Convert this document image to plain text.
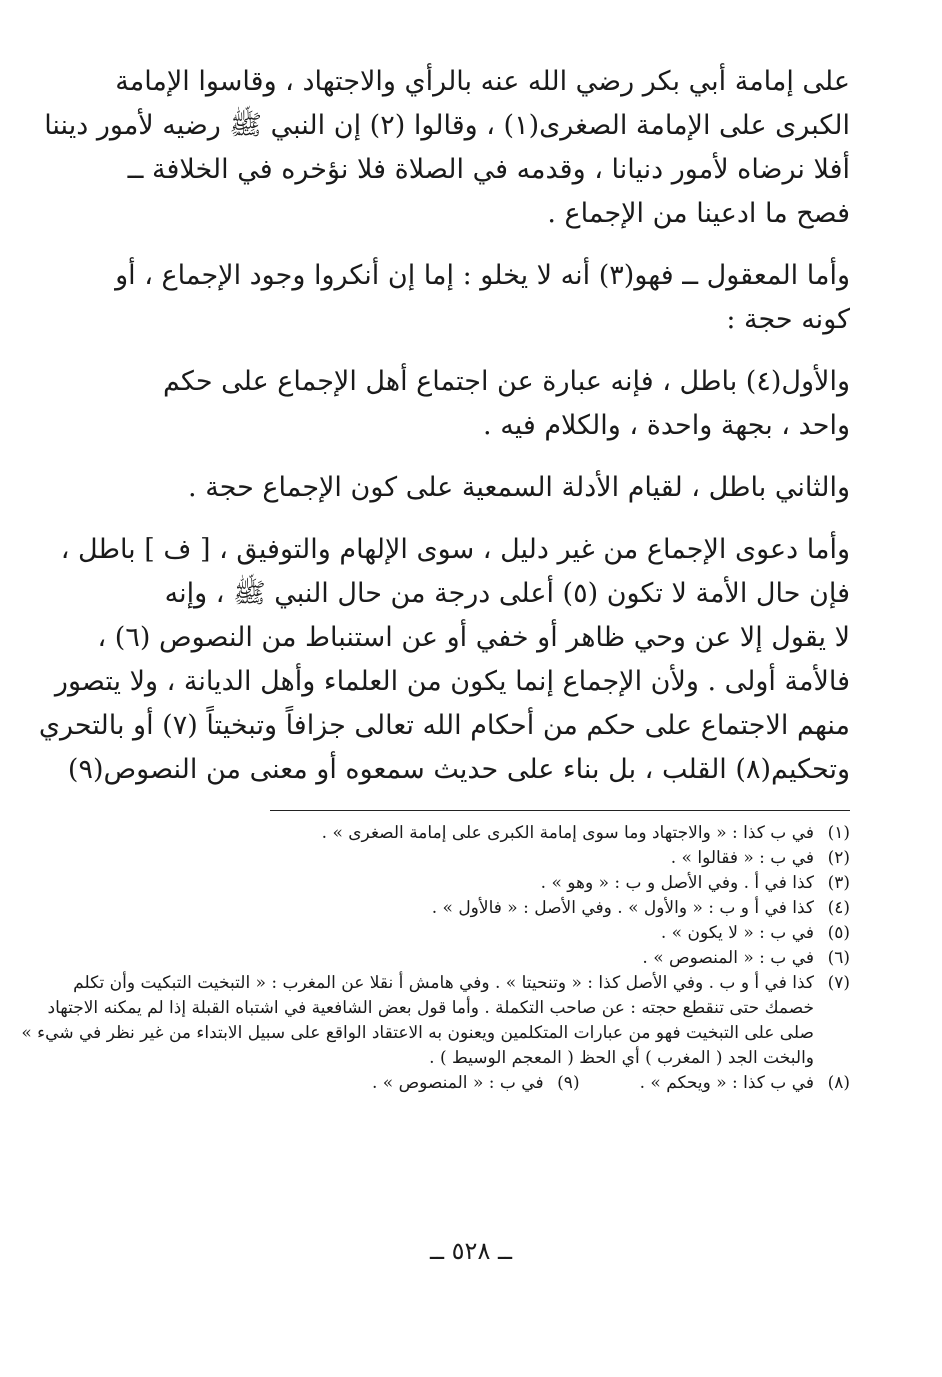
على إمامة أبي بكر رضي الله عنه بالرأي والاجتهاد ، وقاسوا الإمامة
الكبرى على الإمامة الصغرى(١) ، وقالوا (٢) إن النبي ﷺ رضيه لأمور ديننا
أفلا نرضاه لأمور دنيانا ، وقدمه في الصلاة فلا نؤخره في الخلافة ــ
فصح ما ادعينا من الإجماع .
وأما المعقول ــ فهو(٣) أنه لا يخلو : إما إن أنكروا وجود الإجماع ، أو
كونه حجة :
والأول(٤) باطل ، فإنه عبارة عن اجتماع أهل الإجماع على حكم
واحد ، بجهة واحدة ، والكلام فيه .
والثاني باطل ، لقيام الأدلة السمعية على كون الإجماع حجة .
وأما دعوى الإجماع من غير دليل ، سوى الإلهام والتوفيق ، [ ف ] باطل ،
فإن حال الأمة لا تكون (٥) أعلى درجة من حال النبي ﷺ ، وإنه
لا يقول إلا عن وحي ظاهر أو خفي أو عن استنباط من النصوص (٦) ،
فالأمة أولى . ولأن الإجماع إنما يكون من العلماء وأهل الديانة ، ولا يتصور
منهم الاجتماع على حكم من أحكام الله تعالى جزافاً وتبخيتاً (٧) أو بالتحري
وتحكيم(٨) القلب ، بل بناء على حديث سمعوه أو معنى من النصوص(٩)
(١)
في ب كذا : « والاجتهاد وما سوى إمامة الكبرى على إمامة الصغرى » .
(٢)
في ب : « فقالوا » .
(٣)
كذا في أ . وفي الأصل و ب : « وهو » .
(٤)
كذا في أ و ب : « والأول » . وفي الأصل : « فالأول » .
(٥)
في ب : « لا يكون » .
(٦)
في ب : « المنصوص » .
(٧)
كذا في أ و ب . وفي الأصل كذا : « وتنحيتا » . وفي هامش أ نقلا عن المغرب : « التبخيت التبكيت وأن تكلم
خصمك حتى تنقطع حجته : عن صاحب التكملة . وأما قول بعض الشافعية في اشتباه القبلة إذا لم يمكنه الاجتهاد
صلى على التبخيت فهو من عبارات المتكلمين ويعنون به الاعتقاد الواقع على سبيل الابتداء من غير نظر في شيء »
والبخت الجد ( المغرب ) أي الحظ ( المعجم الوسيط ) .
(٨)
في ب كذا : « ويحكم » .
(٩)
في ب : « المنصوص » .
ــ ٥٢٨ ــ
